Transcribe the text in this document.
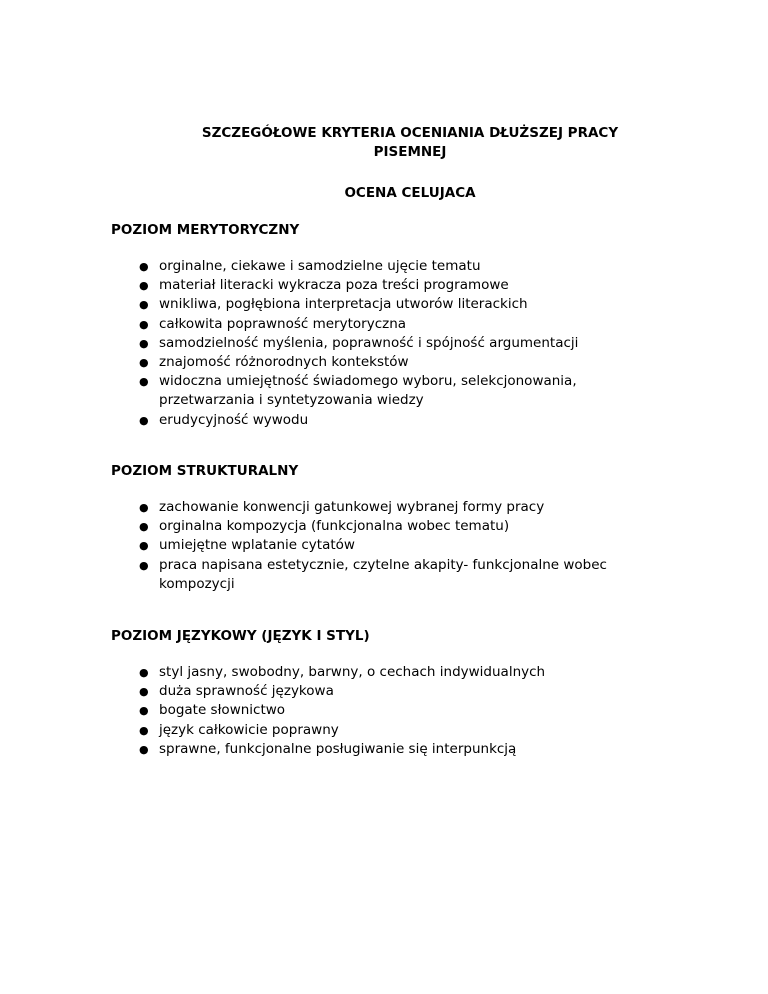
SZCZEGÓŁOWE KRYTERIA OCENIANIA DŁUŻSZEJ PRACY
PISEMNEJ
OCENA CELUJACA
POZIOM MERYTORYCZNY
● orginalne, ciekawe i samodzielne ujęcie tematu
● materiał literacki wykracza poza treści programowe
● wnikliwa, pogłębiona interpretacja utworów literackich
● całkowita poprawność merytoryczna
● samodzielność myślenia, poprawność i spójność argumentacji
● znajomość różnorodnych kontekstów
● widoczna umiejętność świadomego wyboru, selekcjonowania, przetwarzania i syntetyzowania wiedzy
● erudycyjność wywodu
POZIOM STRUKTURALNY
● zachowanie konwencji gatunkowej wybranej formy pracy
● orginalna kompozycja (funkcjonalna wobec tematu)
● umiejętne wplatanie cytatów
● praca napisana estetycznie, czytelne akapity- funkcjonalne wobec kompozycji
POZIOM JĘZYKOWY (JĘZYK I STYL)
● styl jasny, swobodny, barwny, o cechach indywidualnych
● duża sprawność językowa
● bogate słownictwo
● język całkowicie poprawny
● sprawne, funkcjonalne posługiwanie się interpunkcją
